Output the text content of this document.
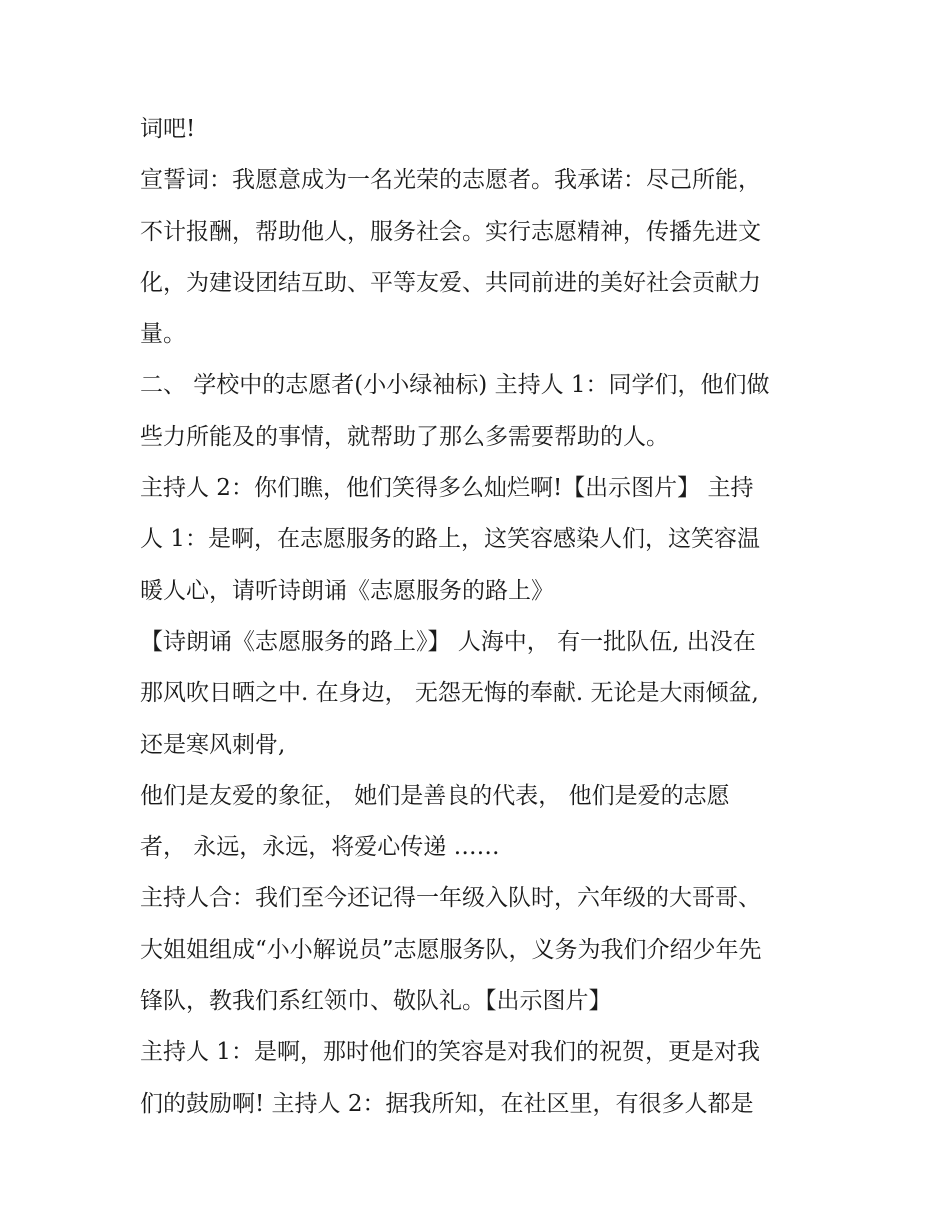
词吧!
宣誓词：我愿意成为一名光荣的志愿者。我承诺：尽己所能，
不计报酬，帮助他人，服务社会。实行志愿精神，传播先进文
化，为建设团结互助、平等友爱、共同前进的美好社会贡献力
量。
二、 学校中的志愿者(小小绿袖标) 主持人 1：同学们，他们做
些力所能及的事情，就帮助了那么多需要帮助的人。
主持人 2：你们瞧，他们笑得多么灿烂啊!【出示图片】 主持
人 1：是啊，在志愿服务的路上，这笑容感染人们，这笑容温
暖人心，请听诗朗诵《志愿服务的路上》
【诗朗诵《志愿服务的路上》】 人海中， 有一批队伍, 出没在
那风吹日晒之中. 在身边， 无怨无悔的奉献. 无论是大雨倾盆,
还是寒风刺骨,
他们是友爱的象征， 她们是善良的代表， 他们是爱的志愿
者， 永远，永远，将爱心传递 ……
主持人合：我们至今还记得一年级入队时，六年级的大哥哥、
大姐姐组成“小小解说员”志愿服务队，义务为我们介绍少年先
锋队，教我们系红领巾、敬队礼。【出示图片】
主持人 1：是啊，那时他们的笑容是对我们的祝贺，更是对我
们的鼓励啊! 主持人 2：据我所知，在社区里，有很多人都是
